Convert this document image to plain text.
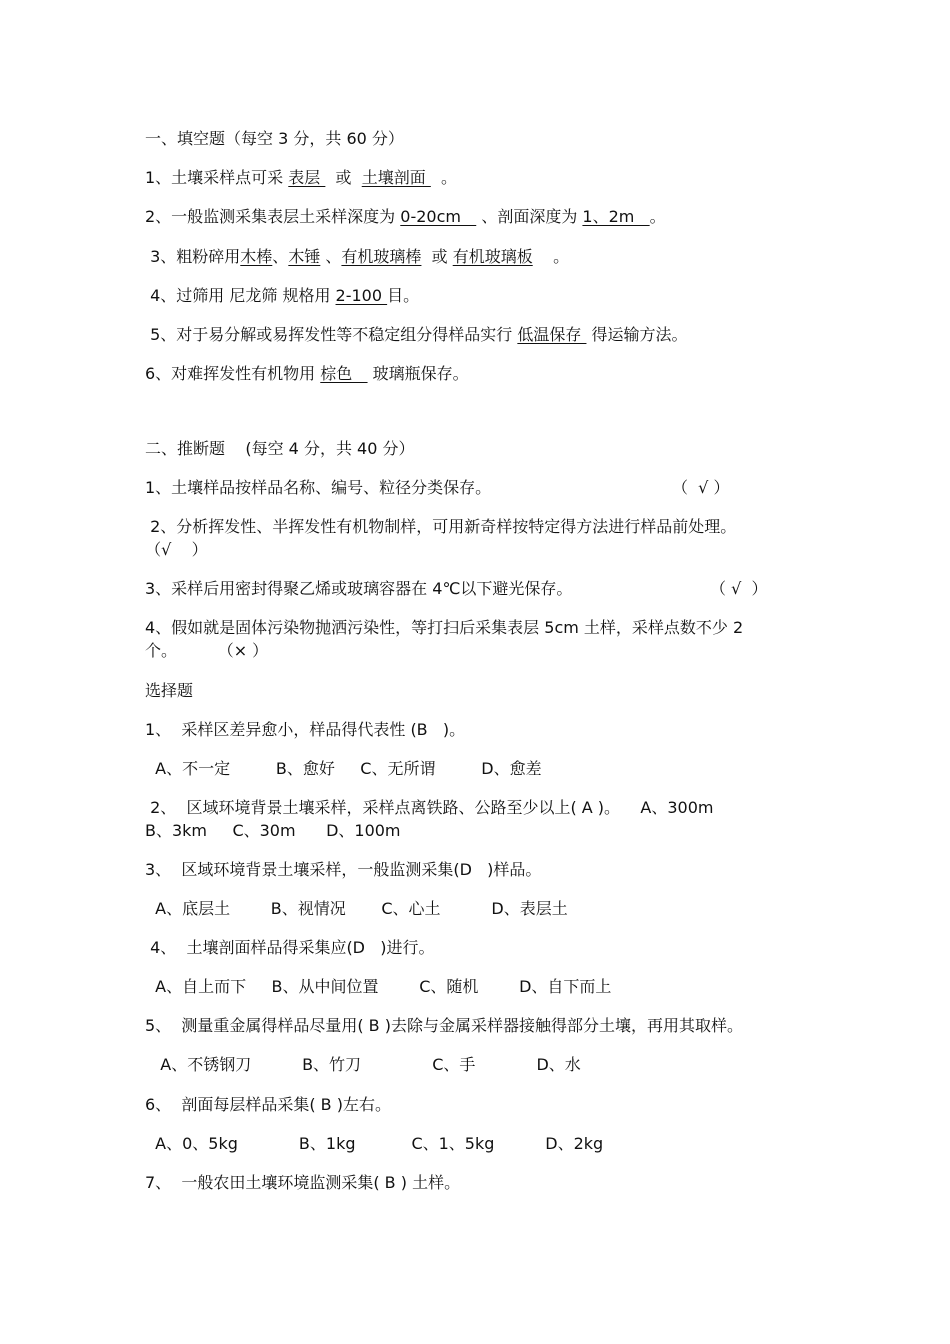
一、填空题（每空 3 分，共 60 分）
1、土壤采样点可采 表层   或  土壤剖面   。
2、一般监测采集表层土采样深度为 0-20cm    、剖面深度为 1、2m   。
3、粗粉碎用木棒、木锤 、有机玻璃棒  或 有机玻璃板    。
4、过筛用 尼龙筛 规格用 2-100 目。
5、对于易分解或易挥发性等不稳定组分得样品实行 低温保存  得运输方法。
6、对难挥发性有机物用 棕色    玻璃瓶保存。
二、推断题    (每空 4 分，共 40 分）
1、土壤样品按样品名称、编号、粒径分类保存。	（  √ ）
2、分析挥发性、半挥发性有机物制样，可用新奇样按特定得方法进行样品前处理。
（√    ）
3、采样后用密封得聚乙烯或玻璃容器在 4℃以下避光保存。	（ √  ）
4、假如就是固体污染物抛洒污染性，等打扫后采集表层 5cm 土样，采样点数不少 2
个。        （× ）
选择题
1、  采样区差异愈小，样品得代表性 (B   )。
A、不一定         B、愈好     C、无所谓         D、愈差
2、  区域环境背景土壤采样，采样点离铁路、公路至少以上( A )。    A、300m
B、3km     C、30m      D、100m
3、  区域环境背景土壤采样，一般监测采集(D   )样品。
A、底层土        B、视情况       C、心土          D、表层土
4、  土壤剖面样品得采集应(D   )进行。
A、自上而下     B、从中间位置        C、随机        D、自下而上
5、  测量重金属得样品尽量用( B )去除与金属采样器接触得部分土壤，再用其取样。
A、不锈钢刀          B、竹刀              C、手            D、水
6、  剖面每层样品采集( B )左右。
A、0、5kg            B、1kg           C、1、5kg          D、2kg
7、  一般农田土壤环境监测采集( B ) 土样。
